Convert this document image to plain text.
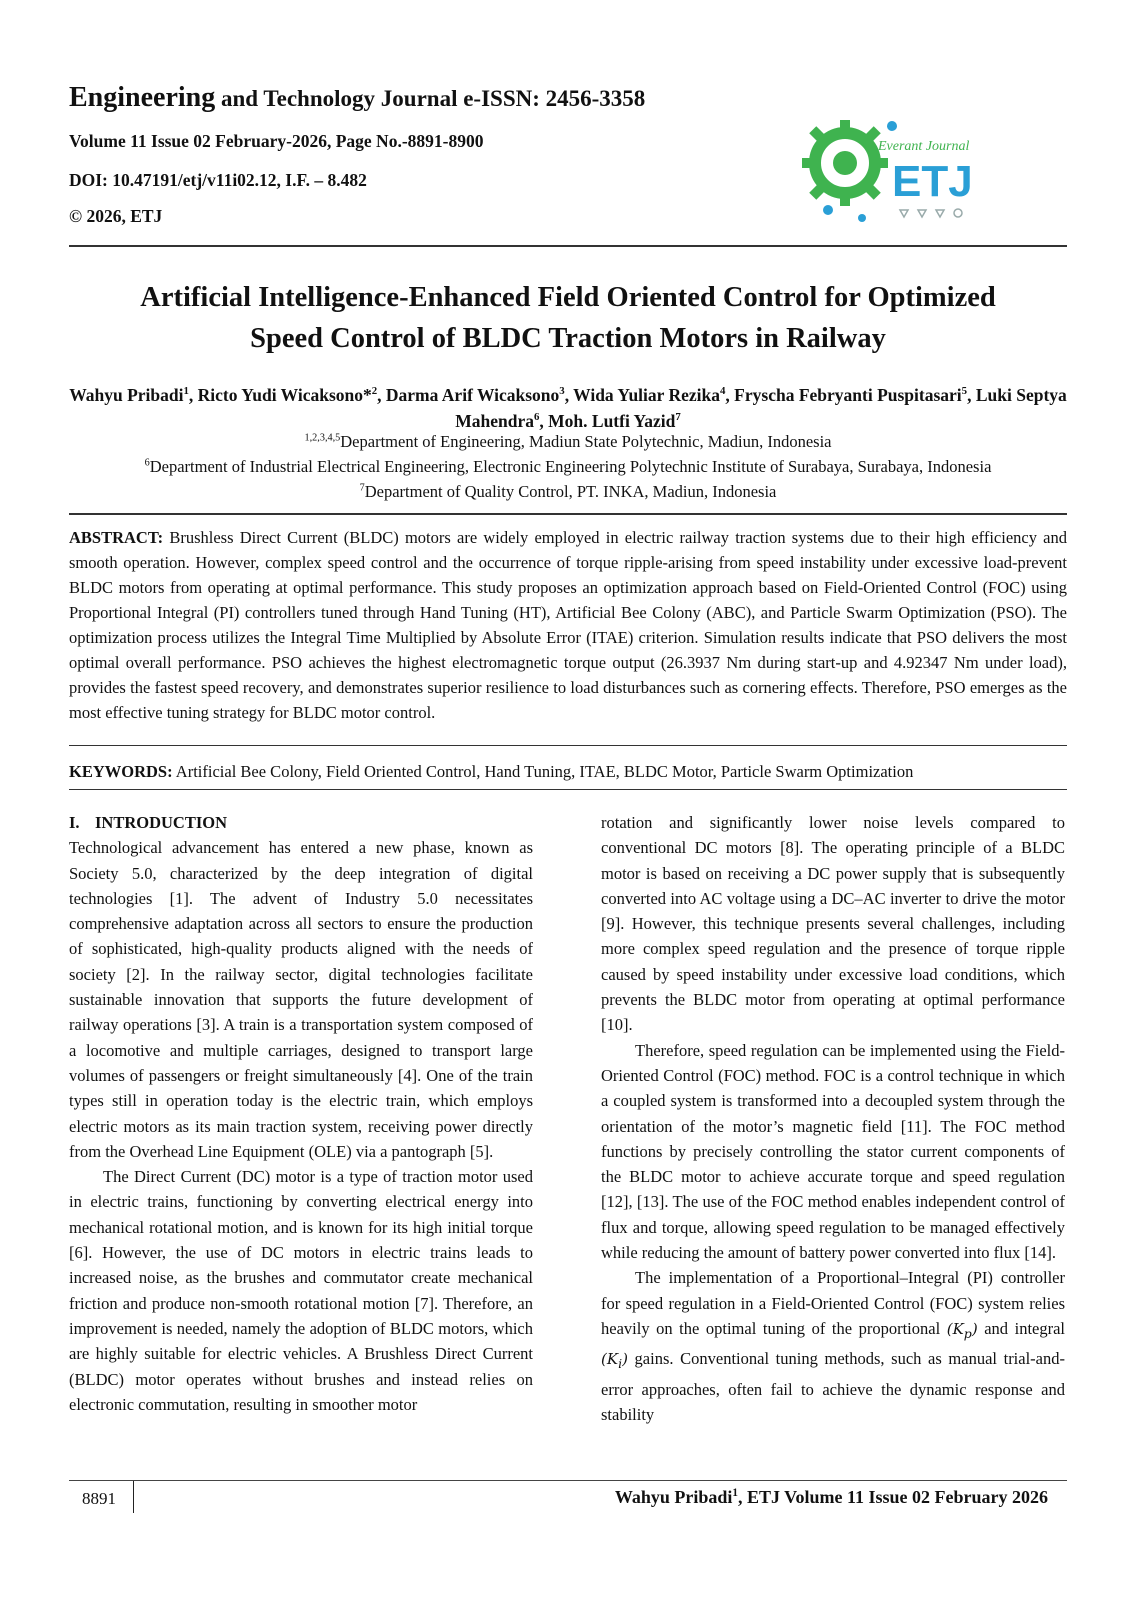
Engineering and Technology Journal e-ISSN: 2456-3358
Volume 11 Issue 02 February-2026, Page No.-8891-8900
DOI: 10.47191/etj/v11i02.12, I.F. – 8.482
© 2026, ETJ
Everant Journal
ETJ
Artificial Intelligence-Enhanced Field Oriented Control for Optimized
Speed Control of BLDC Traction Motors in Railway
Wahyu Pribadi$^1$, Ricto Yudi Wicaksono*$^2$, Darma Arif Wicaksono$^3$, Wida Yuliar Rezika$^4$, Fryscha Febryanti Puspitasari$^5$, Luki Septya Mahendra$^6$, Moh. Lutfi Yazid$^7$
$^{1,2,3,4,5}$Department of Engineering, Madiun State Polytechnic, Madiun, Indonesia
$^6$Department of Industrial Electrical Engineering, Electronic Engineering Polytechnic Institute of Surabaya, Surabaya, Indonesia
$^7$Department of Quality Control, PT. INKA, Madiun, Indonesia
ABSTRACT: Brushless Direct Current (BLDC) motors are widely employed in electric railway traction systems due to their high efficiency and smooth operation. However, complex speed control and the occurrence of torque ripple-arising from speed instability under excessive load-prevent BLDC motors from operating at optimal performance. This study proposes an optimization approach based on Field-Oriented Control (FOC) using Proportional Integral (PI) controllers tuned through Hand Tuning (HT), Artificial Bee Colony (ABC), and Particle Swarm Optimization (PSO). The optimization process utilizes the Integral Time Multiplied by Absolute Error (ITAE) criterion. Simulation results indicate that PSO delivers the most optimal overall performance. PSO achieves the highest electromagnetic torque output (26.3937 Nm during start-up and 4.92347 Nm under load), provides the fastest speed recovery, and demonstrates superior resilience to load disturbances such as cornering effects. Therefore, PSO emerges as the most effective tuning strategy for BLDC motor control.
KEYWORDS: Artificial Bee Colony, Field Oriented Control, Hand Tuning, ITAE, BLDC Motor, Particle Swarm Optimization
I. INTRODUCTION

Technological advancement has entered a new phase, known as Society 5.0, characterized by the deep integration of digital technologies [1]. The advent of Industry 5.0 necessitates comprehensive adaptation across all sectors to ensure the production of sophisticated, high-quality products aligned with the needs of society [2]. In the railway sector, digital technologies facilitate sustainable innovation that supports the future development of railway operations [3]. A train is a transportation system composed of a locomotive and multiple carriages, designed to transport large volumes of passengers or freight simultaneously [4]. One of the train types still in operation today is the electric train, which employs electric motors as its main traction system, receiving power directly from the Overhead Line Equipment (OLE) via a pantograph [5].

The Direct Current (DC) motor is a type of traction motor used in electric trains, functioning by converting electrical energy into mechanical rotational motion, and is known for its high initial torque [6]. However, the use of DC motors in electric trains leads to increased noise, as the brushes and commutator create mechanical friction and produce non-smooth rotational motion [7]. Therefore, an improvement is needed, namely the adoption of BLDC motors, which are highly suitable for electric vehicles. A Brushless Direct Current (BLDC) motor operates without brushes and instead relies on electronic commutation, resulting in smoother motor

rotation and significantly lower noise levels compared to conventional DC motors [8]. The operating principle of a BLDC motor is based on receiving a DC power supply that is subsequently converted into AC voltage using a DC–AC inverter to drive the motor [9]. However, this technique presents several challenges, including more complex speed regulation and the presence of torque ripple caused by speed instability under excessive load conditions, which prevents the BLDC motor from operating at optimal performance [10].

Therefore, speed regulation can be implemented using the Field-Oriented Control (FOC) method. FOC is a control technique in which a coupled system is transformed into a decoupled system through the orientation of the motor’s magnetic field [11]. The FOC method functions by precisely controlling the stator current components of the BLDC motor to achieve accurate torque and speed regulation [12], [13]. The use of the FOC method enables independent control of flux and torque, allowing speed regulation to be managed effectively while reducing the amount of battery power converted into flux [14].

The implementation of a Proportional–Integral (PI) controller for speed regulation in a Field-Oriented Control (FOC) system relies heavily on the optimal tuning of the proportional $(K_p)$ and integral $(K_i)$ gains. Conventional tuning methods, such as manual trial-and-error approaches, often fail to achieve the dynamic response and stability

8891	Wahyu Pribadi$^1$, ETJ Volume 11 Issue 02 February 2026
